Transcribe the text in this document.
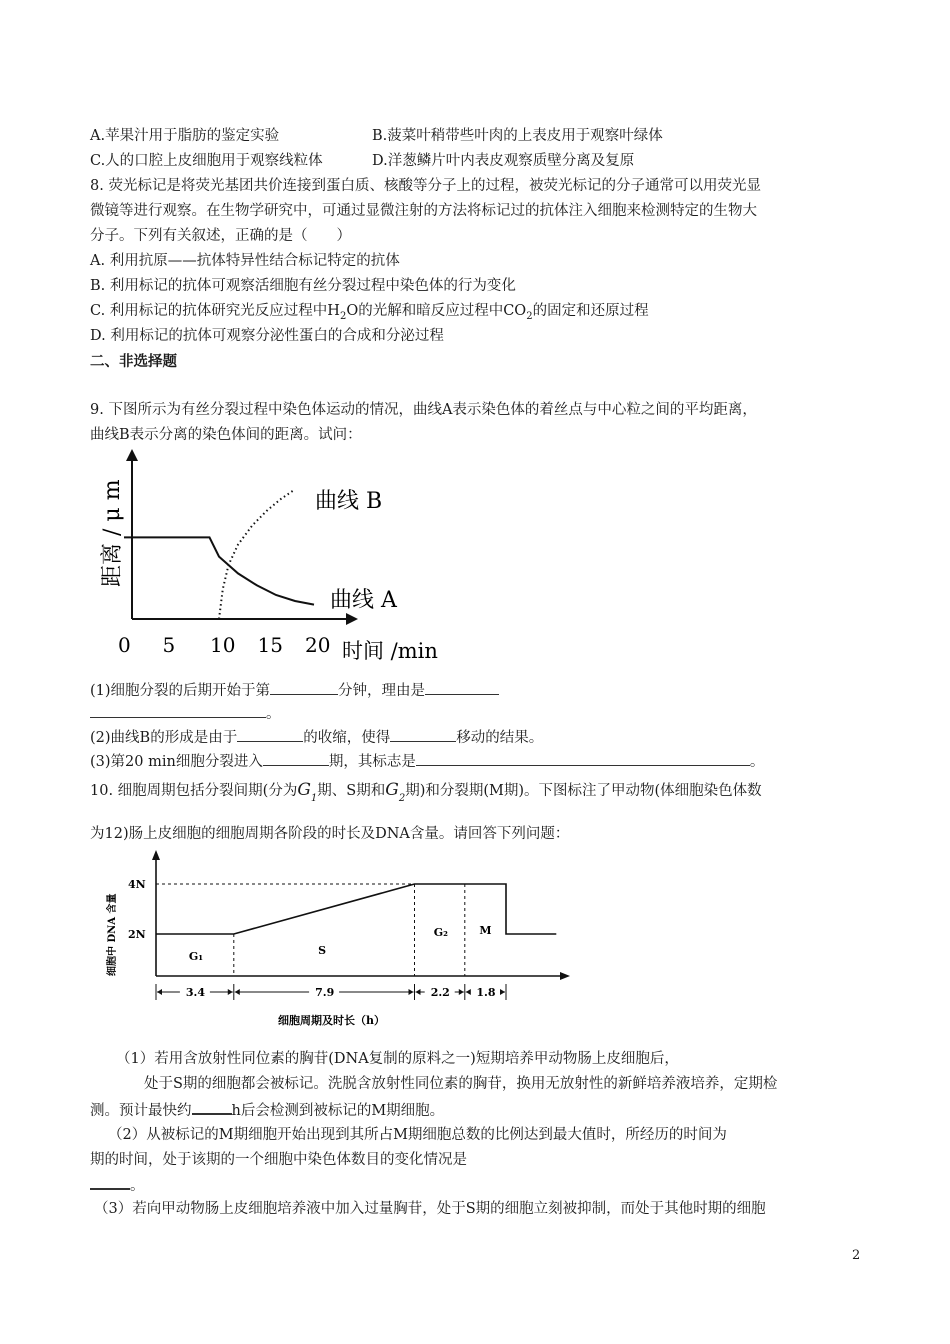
A.苹果汁用于脂肪的鉴定实验	B.菠菜叶稍带些叶肉的上表皮用于观察叶绿体
C.人的口腔上皮细胞用于观察线粒体	D.洋葱鳞片叶内表皮观察质壁分离及复原
8. 荧光标记是将荧光基团共价连接到蛋白质、核酸等分子上的过程，被荧光标记的分子通常可以用荧光显
微镜等进行观察。在生物学研究中，可通过显微注射的方法将标记过的抗体注入细胞来检测特定的生物大
分子。下列有关叙述，正确的是（　　）
A. 利用抗原——抗体特异性结合标记特定的抗体
B. 利用标记的抗体可观察活细胞有丝分裂过程中染色体的行为变化
C. 利用标记的抗体研究光反应过程中$H_2O$的光解和暗反应过程中$CO_2$的固定和还原过程
D. 利用标记的抗体可观察分泌性蛋白的合成和分泌过程
二、非选择题
9. 下图所示为有丝分裂过程中染色体运动的情况，曲线A表示染色体的着丝点与中心粒之间的平均距离，
曲线B表示分离的染色体间的距离。试问：
0 5 10 15 20
曲线 B
曲线 A
时间 /min
距离 / μ m
(1)细胞分裂的后期开始于第	分钟，理由是
。
(2)曲线B的形成是由于	的收缩，使得	移动的结果。
(3)第20 min细胞分裂进入	期，其标志是	。
10. 细胞周期包括分裂间期(分为$G_1$期、S期和$G_2$期)和分裂期(M期)。下图标注了甲动物(体细胞染色体数
为12)肠上皮细胞的细胞周期各阶段的时长及DNA含量。请回答下列问题：
2N
4N
细胞中 DNA 含量	G₁	S
G₂	M
3.4	7.9	2.2 1.8
细胞周期及时长（h）
（1）若用含放射性同位素的胸苷(DNA复制的原料之一)短期培养甲动物肠上皮细胞后，
处于S期的细胞都会被标记。洗脱含放射性同位素的胸苷，换用无放射性的新鲜培养液培养，定期检
测。预计最快约	h后会检测到被标记的M期细胞。
（2）从被标记的M期细胞开始出现到其所占M期细胞总数的比例达到最大值时，所经历的时间为
期的时间，处于该期的一个细胞中染色体数目的变化情况是
。
（3）若向甲动物肠上皮细胞培养液中加入过量胸苷，处于S期的细胞立刻被抑制，而处于其他时期的细胞
2
